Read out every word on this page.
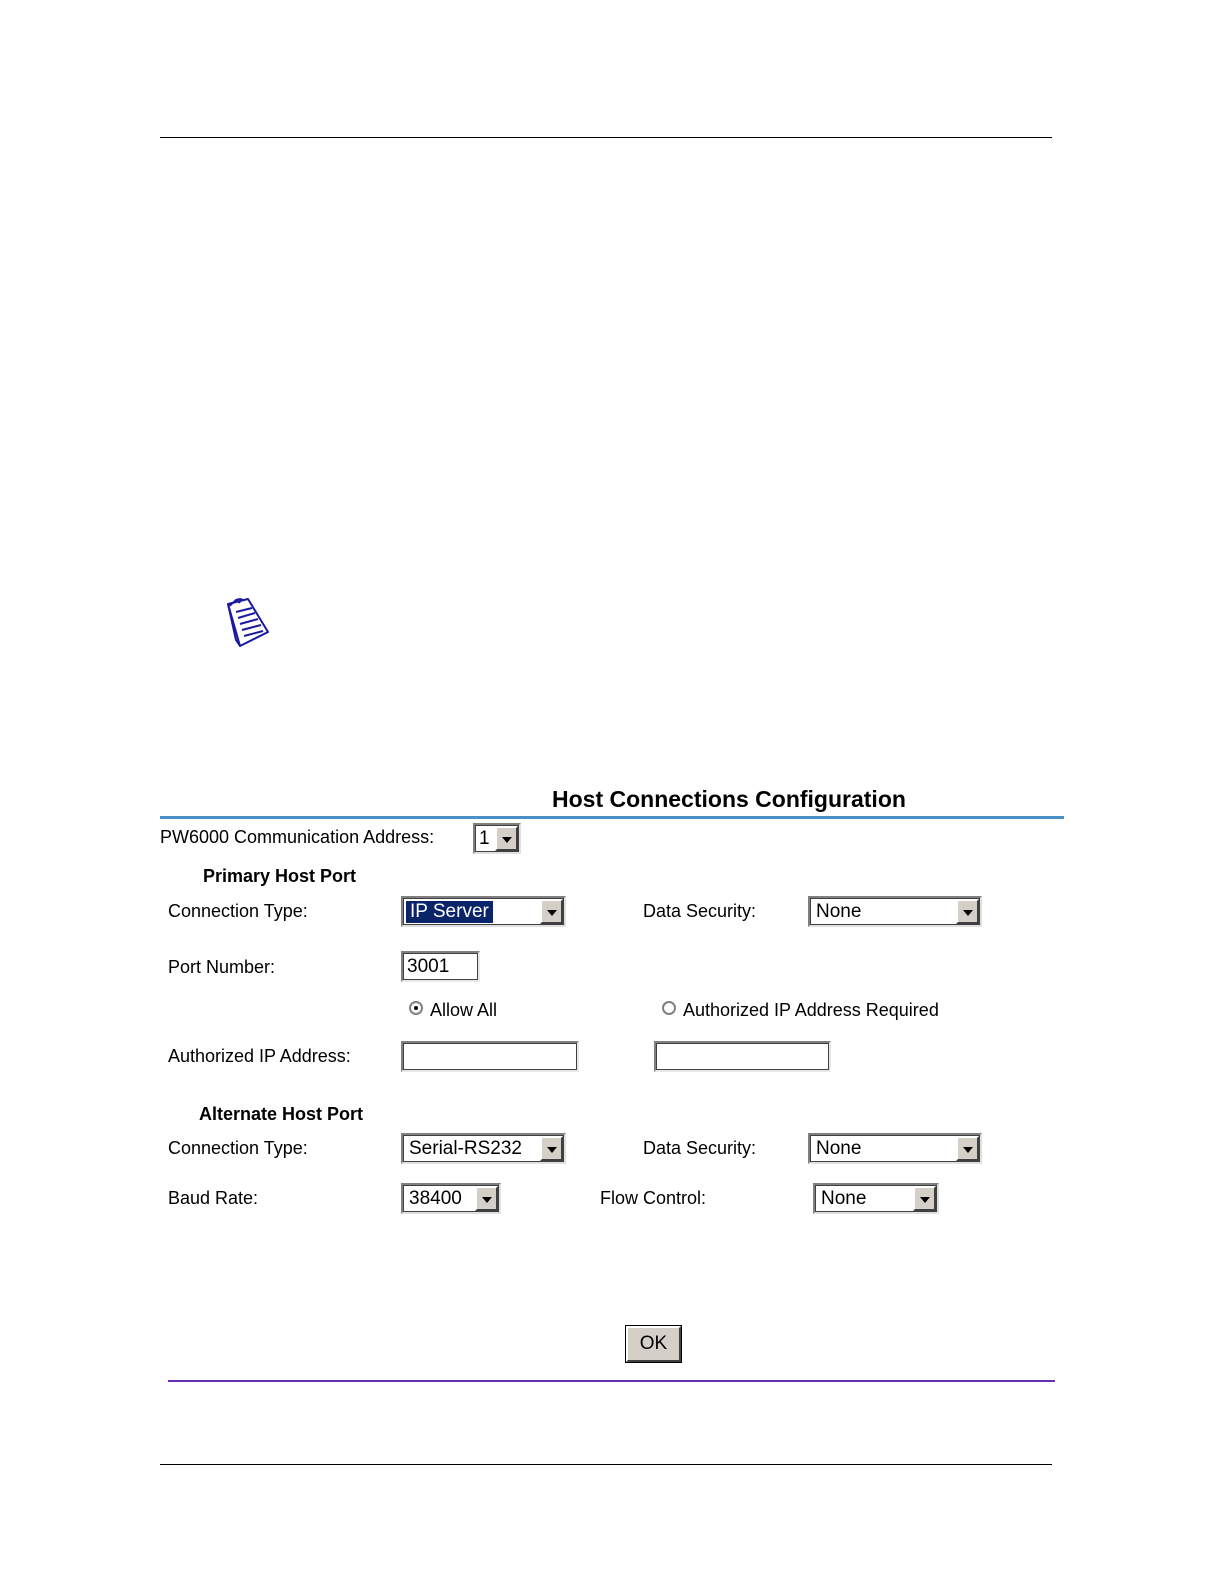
Host Connections Configuration
PW6000 Communication Address: 1
Primary Host Port
Connection Type:	IP Server	Data Security:	None
Port Number:
3001
Allow All	Authorized IP Address Required
Authorized IP Address:
Alternate Host Port
Connection Type:	Serial-RS232	Data Security:	None
Baud Rate:	38400	Flow Control:	None
OK
